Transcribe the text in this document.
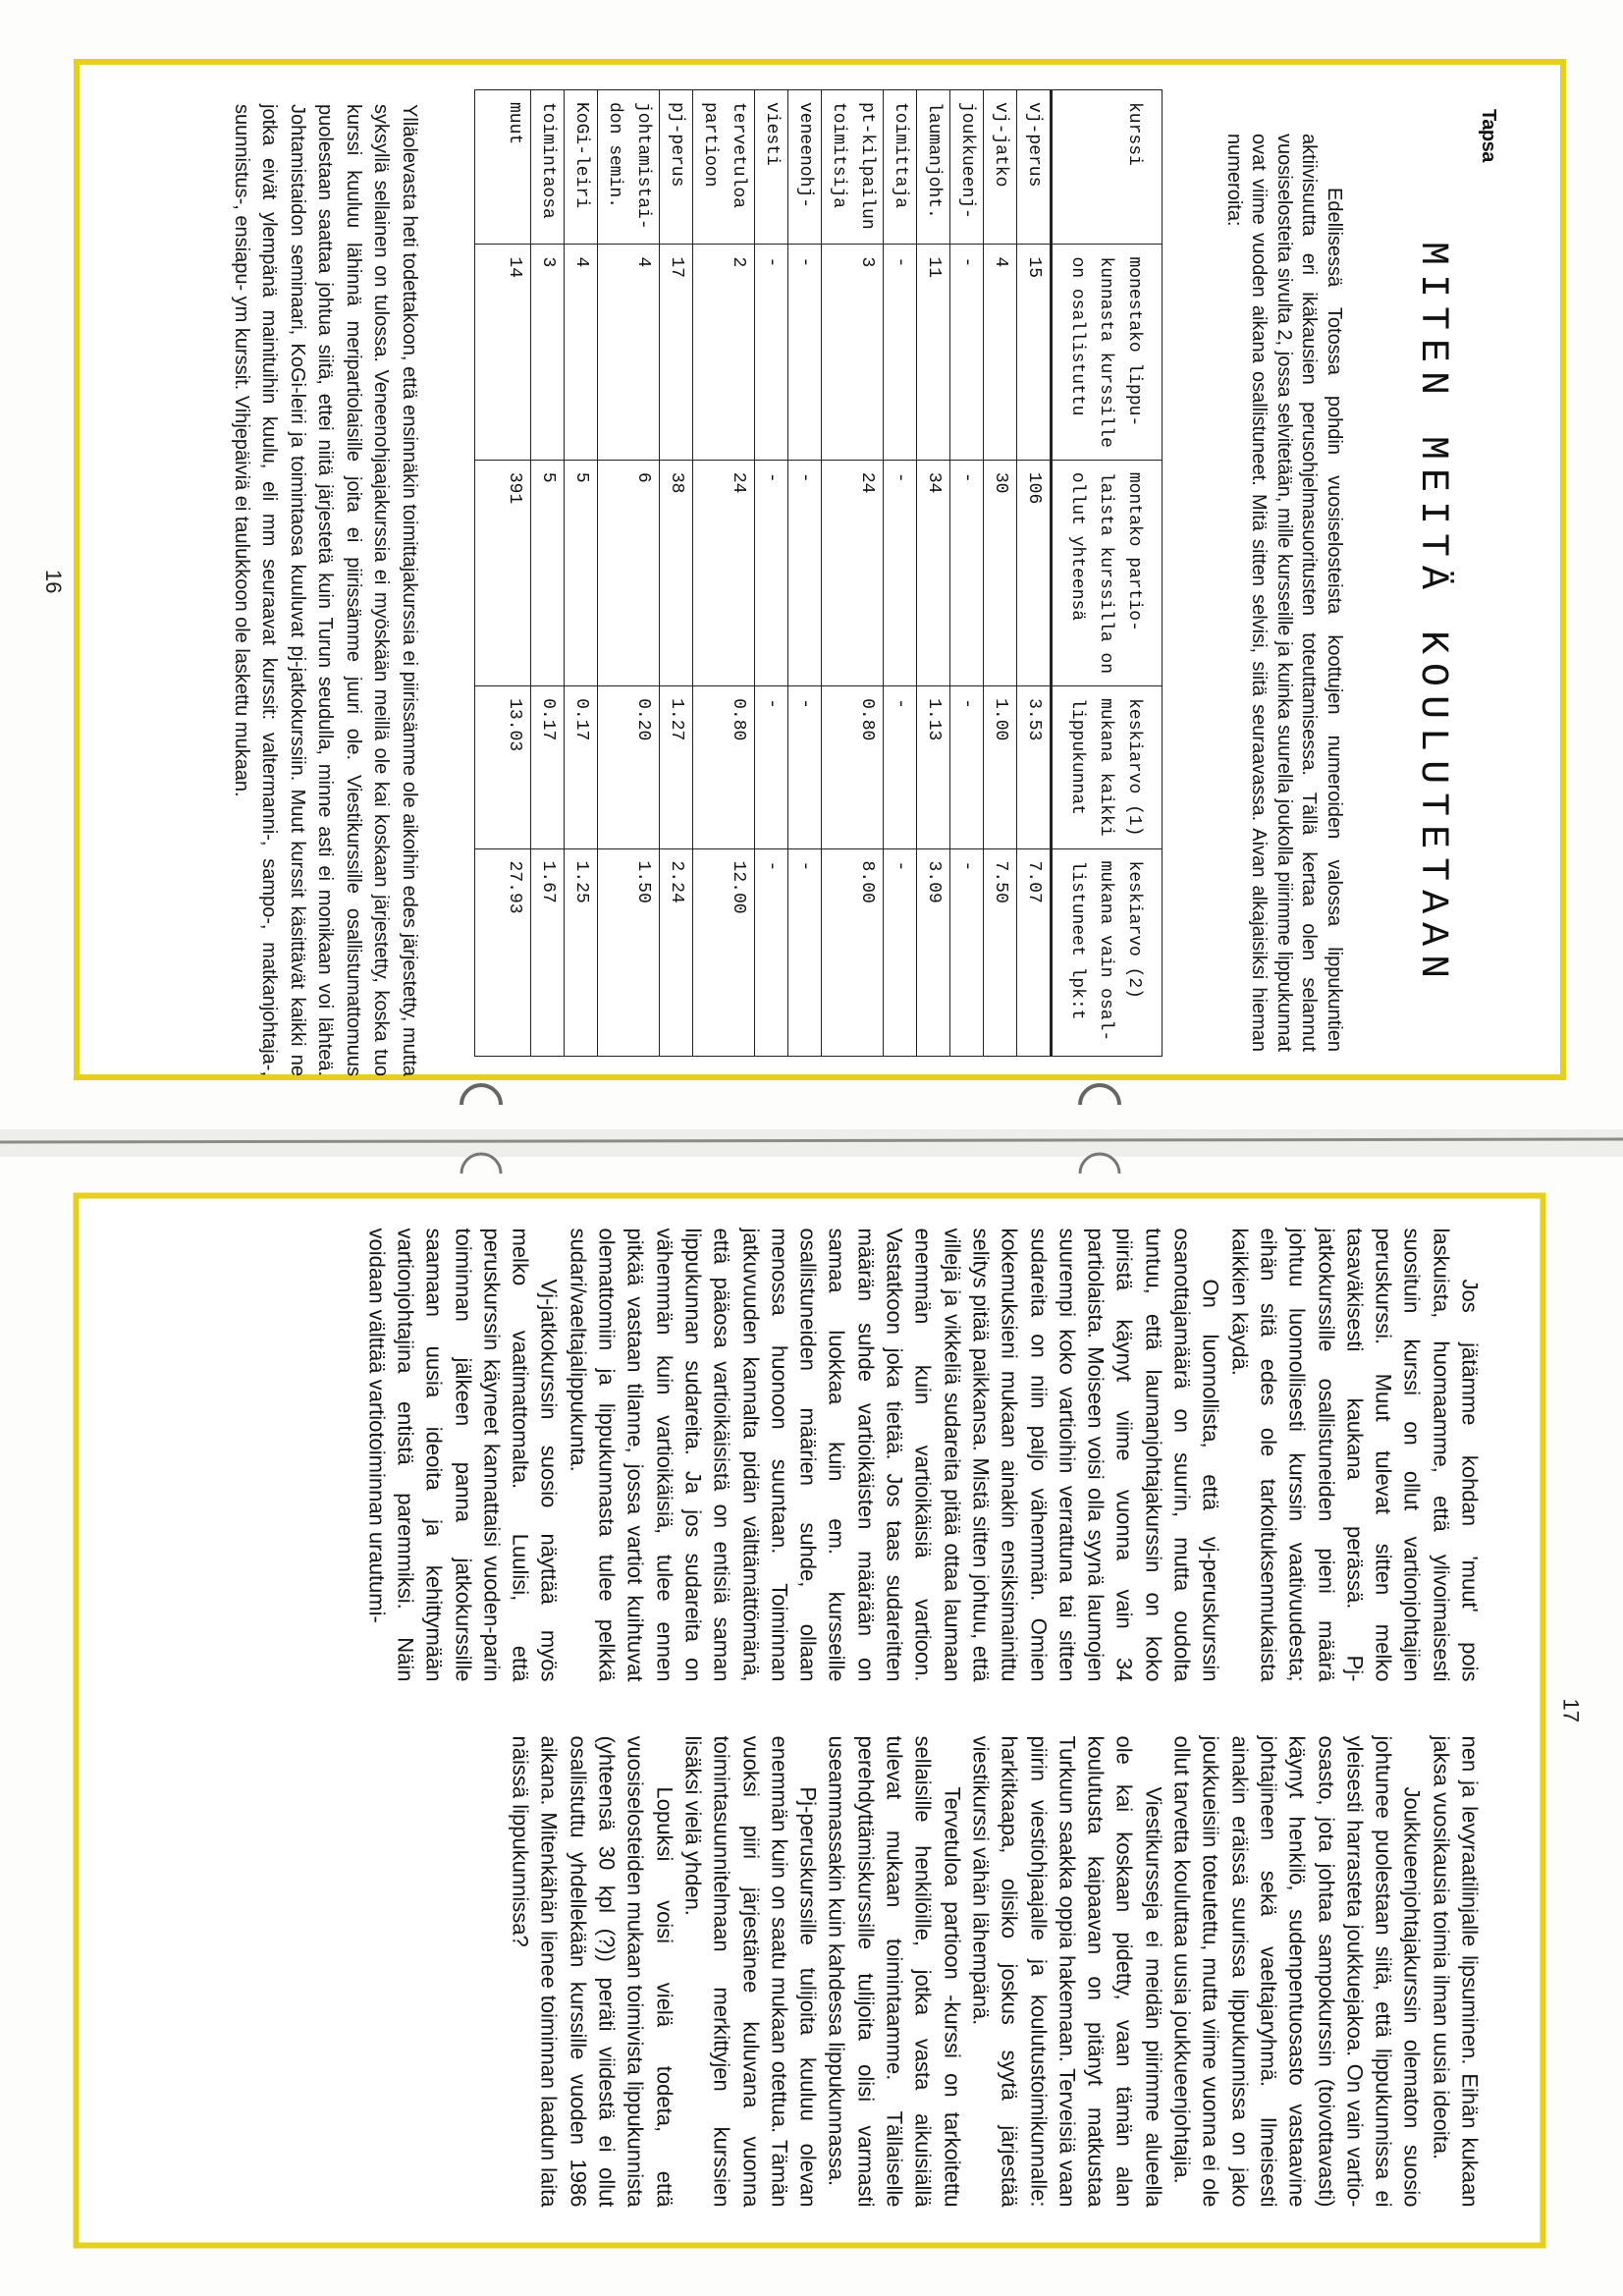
Tapsa
MITEN MEITÄ KOULUTETAAN

Edellisessä Totossa pohdin vuosiselosteista koottujen numeroiden valossa lippukuntien aktiivisuutta eri ikäkausien perusohjelmasuoritusten toteuttamisessa. Tällä kertaa olen selannut vuosiselosteita sivulta 2, jossa selvitetään, mille kursseille ja kuinka suurella joukolla piirimme lippukunnat ovat viime vuoden aikana osallistuneet. Mitä sitten selvisi, siitä seuraavassa. Aivan alkajaisiksi hieman numeroita:

kurssi	monestako lippu-
kunnasta kurssille
on osallistuttu	montako partio-
laista kurssilla on
ollut yhteensä	keskiarvo (1)
mukana kaikki
lippukunnat	keskiarvo (2)
mukana vain osal-
listuneet lpk:t

vj-perus	15	106	3.53	7.07

vj-jatko	4	30	1.00	7.50

joukkueenj-	-	-	-	-

laumanjoht.	11	34	1.13	3.09

toimittaja	-	-	-	-

pt-kilpailun
toimitsija	3	24	0.80	8.00

veneenohj-	-	-	-	-

viesti	-	-	-	-

tervetuloa
partioon	2	24	0.80	12.00

pj-perus	17	38	1.27	2.24

johtamistai-
don semin.	4	6	0.20	1.50

KoGi-leiri	4	5	0.17	1.25

toimintaosa	3	5	0.17	1.67

muut	14	391	13.03	27.93

Ylläolevasta heti todettakoon, että ensinnäkin toimittajakurssia ei piirissämme ole aikoihin edes järjestetty, mutta syksyllä sellainen on tulossa. Veneenohjaajakurssia ei myöskään meillä ole kai koskaan järjestetty, koska tuo kurssi kuuluu lähinnä meripartiolaisille joita ei piirissämme juuri ole. Viestikurssille osallistumattomuus puolestaan saattaa johtua siitä, ettei niitä järjestetä kuin Turun seudulla, minne asti ei monikaan voi lähteä. Johtamistaidon seminaari, KoGi-leiri ja toimintaosa kuuluvat pj-jatkokurssiin. Muut kurssit käsittävät kaikki ne jotka eivät ylempänä mainituihin kuulu, eli mm seuraavat kurssit: valtermanni-, sampo-, matkanjohtaja-, suunnistus-, ensiapu- ym kurssit. Vihjepäiviä ei taulukkoon ole laskettu mukaan.

16
17

Jos jätämme kohdan 'muut' pois laskuista, huomaamme, että ylivoimaisesti suosituin kurssi on ollut vartionjohtajien peruskurssi. Muut tulevat sitten melko tasaväkisesti kaukana perässä. Pj-jatkokurssille osallistuneiden pieni määrä johtuu luonnollisesti kurssin vaativuudesta; eihän sitä edes ole tarkoituksenmukaista kaikkien käydä.

On luonnollista, että vj-peruskurssin osanottajamäärä on suurin, mutta oudolta tuntuu, että laumanjohtajakurssin on koko piiristä käynyt viime vuonna vain 34 partiolaista. Moiseen voisi olla syynä laumojen suurempi koko vartioihin verrattuna tai sitten sudareita on niin paljo vähemmän. Omien kokemuksieni mukaan ainakin ensiksimainittu selitys pitää paikkansa. Mistä sitten johtuu, että villejä ja vikkeliä sudareita pitää ottaa laumaan enemmän kuin vartioikäisiä vartioon. Vastatkoon joka tietää. Jos taas sudareitten määrän suhde vartioikäisten määrään on samaa luokkaa kuin em. kursseille osallistuneiden määrien suhde, ollaan menossa huonoon suuntaan. Toiminnan jatkuvuuden kannalta pidän välttämättömänä, että pääosa vartioikäisistä on entisiä saman lippukunnan sudareita. Ja jos sudareita on vähemmän kuin vartioikäisiä, tulee ennen pitkää vastaan tilanne, jossa vartiot kuihtuvat olemattomiin ja lippukunnasta tulee pelkkä sudari/vaeltajalippukunta.

Vj-jatkokurssin suosio näyttää myös melko vaatimattomalta. Luulisi, että peruskurssin käyneet kannattaisi vuoden-parin toiminnan jälkeen panna jatkokurssille saamaan uusia ideoita ja kehittymään vartionjohtajina entistä paremmiksi. Näin voidaan välttää vartiotoiminnan urautumi-

nen ja levyraatilinjalle lipsuminen. Eihän kukaan jaksa vuosikausia toimia ilman uusia ideoita.

Joukkueenjohtajakurssin olematon suosio johtunee puolestaan siitä, että lippukunnissa ei yleisesti harrasteta joukkuejakoa. On vain vartio-osasto, jota johtaa sampokurssin (toivottavasti) käynyt henkilö, sudenpentuosasto vastaavine johtajineen sekä vaeltajaryhmä. Ilmeisesti ainakin eräissä suurissa lippukunnissa on jako joukkueisiin toteutettu, mutta viime vuonna ei ole ollut tarvetta kouluttaa uusia joukkueenjohtajia.

Viestikursseja ei meidän piirimme alueella ole kai koskaan pidetty, vaan tämän alan koulutusta kaipaavan on pitänyt matkustaa Turkuun saakka oppia hakemaan. Terveisiä vaan piirin viestiohjaajalle ja koulutustoimikunnalle: harkitkaapa, olisiko joskus syytä järjestää viestikurssi vähän lähempänä.

Tervetuloa partioon -kurssi on tarkoitettu sellaisille henkilöille, jotka vasta aikuisiällä tulevat mukaan toimintaamme. Tällaiselle perehdyttämiskurssille tulijoita olisi varmasti useammassakin kuin kahdessa lippukunnassa.

Pj-peruskurssille tulijoita kuuluu olevan enemmän kuin on saatu mukaan otettua. Tämän vuoksi piiri järjestänee kuluvana vuonna toimintasuunnitelmaan merkittyjen kurssien lisäksi vielä yhden.

Lopuksi voisi vielä todeta, että vuosiselosteiden mukaan toimivista lippukunnista (yhteensä 30 kpl (?)) peräti viidestä ei ollut osallistuttu yhdellekään kurssille vuoden 1986 aikana. Mitenkähän lienee toiminnan laadun laita näissä lippukunnissa?
